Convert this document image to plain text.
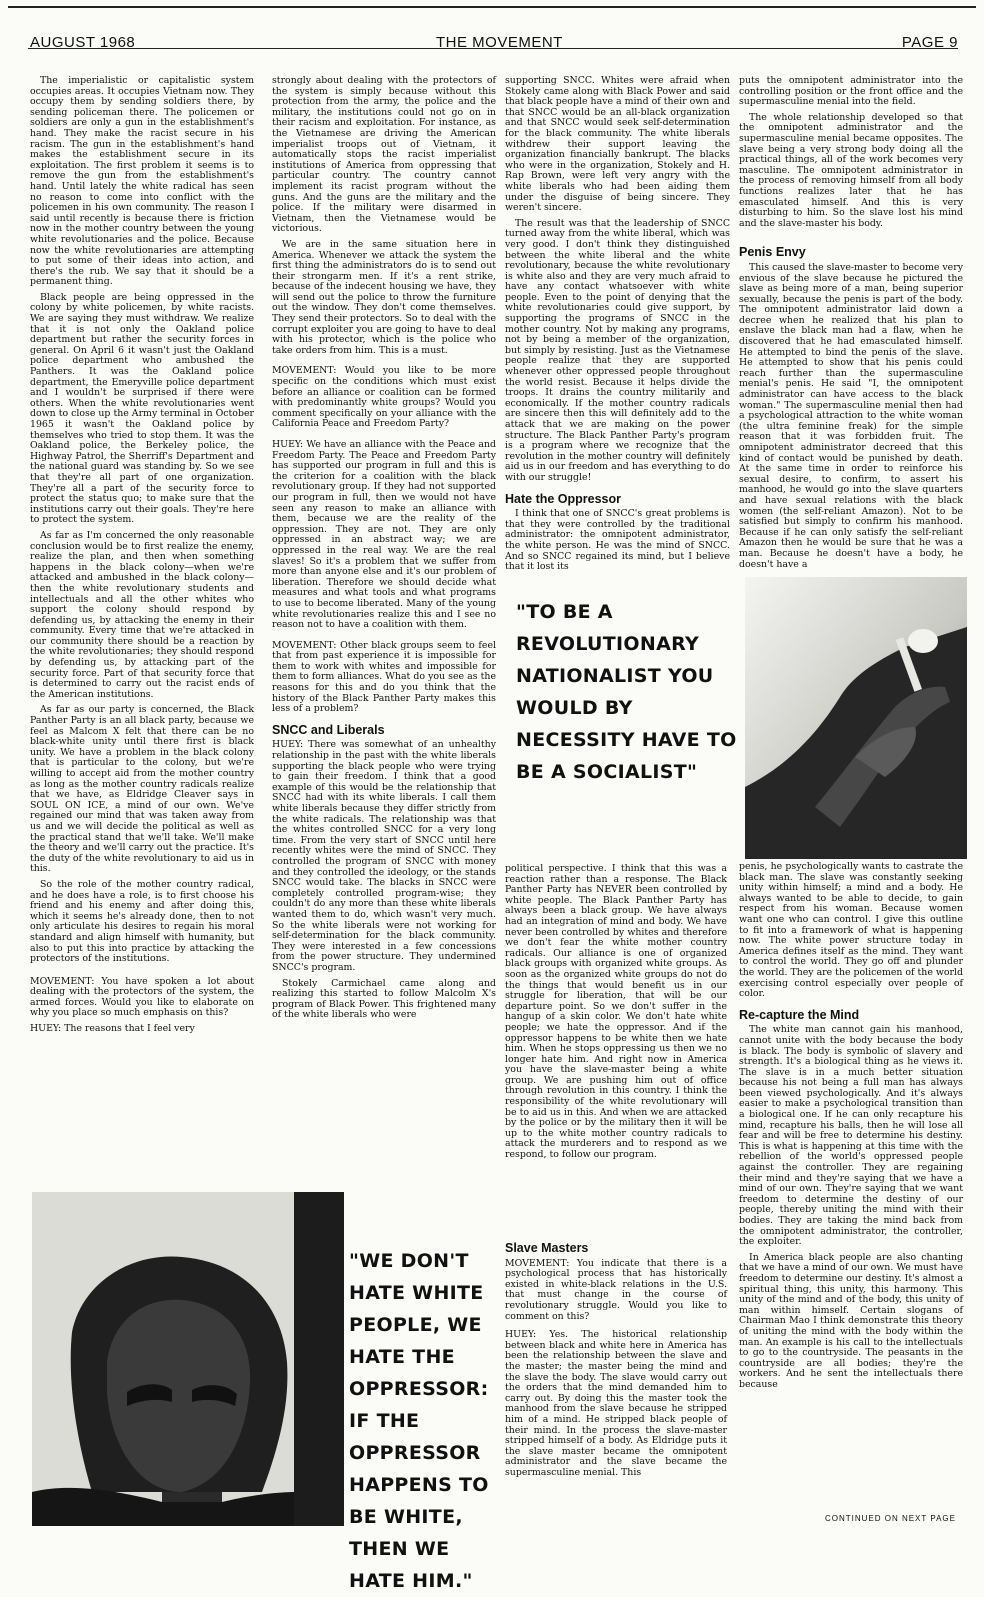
AUGUST 1968	THE MOVEMENT	PAGE 9

The imperialistic or capitalistic system occupies areas. It occupies Vietnam now. They occupy them by sending soldiers there, by sending policeman there. The policemen or soldiers are only a gun in the establishment's hand. They make the racist secure in his racism. The gun in the establishment's hand makes the establishment secure in its exploitation. The first problem it seems is to remove the gun from the establishment's hand. Until lately the white radical has seen no reason to come into conflict with the policemen in his own community. The reason I said until recently is because there is friction now in the mother country between the young white revolutionaries and the police. Because now the white revolutionaries are attempting to put some of their ideas into action, and there's the rub. We say that it should be a permanent thing.

Black people are being oppressed in the colony by white policemen, by white racists. We are saying they must withdraw. We realize that it is not only the Oakland police department but rather the security forces in general. On April 6 it wasn't just the Oakland police department who ambushed the Panthers. It was the Oakland police department, the Emeryville police department and I wouldn't be surprised if there were others. When the white revolutionaries went down to close up the Army terminal in October 1965 it wasn't the Oakland police by themselves who tried to stop them. It was the Oakland police, the Berkeley police, the Highway Patrol, the Sherriff's Department and the national guard was standing by. So we see that they're all part of one organization. They're all a part of the security force to protect the status quo; to make sure that the institutions carry out their goals. They're here to protect the system.

As far as I'm concerned the only reasonable conclusion would be to first realize the enemy, realize the plan, and then when something happens in the black colony—when we're attacked and ambushed in the black colony—then the white revolutionary students and intellectuals and all the other whites who support the colony should respond by defending us, by attacking the enemy in their community. Every time that we're attacked in our community there should be a reaction by the white revolutionaries; they should respond by defending us, by attacking part of the security force. Part of that security force that is determined to carry out the racist ends of the American institutions.

As far as our party is concerned, the Black Panther Party is an all black party, because we feel as Malcom X felt that there can be no black-white unity until there first is black unity. We have a problem in the black colony that is particular to the colony, but we're willing to accept aid from the mother country as long as the mother country radicals realize that we have, as Eldridge Cleaver says in SOUL ON ICE, a mind of our own. We've regained our mind that was taken away from us and we will decide the political as well as the practical stand that we'll take. We'll make the theory and we'll carry out the practice. It's the duty of the white revolutionary to aid us in this.

So the role of the mother country radical, and he does have a role, is to first choose his friend and his enemy and after doing this, which it seems he's already done, then to not only articulate his desires to regain his moral standard and align himself with humanity, but also to put this into practice by attacking the protectors of the institutions.

MOVEMENT: You have spoken a lot about dealing with the protectors of the system, the armed forces. Would you like to elaborate on why you place so much emphasis on this?

HUEY: The reasons that I feel very

strongly about dealing with the protectors of the system is simply because without this protection from the army, the police and the military, the institutions could not go on in their racism and exploitation. For instance, as the Vietnamese are driving the American imperialist troops out of Vietnam, it automatically stops the racist imperialist institutions of America from oppressing that particular country. The country cannot implement its racist program without the guns. And the guns are the military and the police. If the military were disarmed in Vietnam, then the Vietnamese would be victorious.

We are in the same situation here in America. Whenever we attack the system the first thing the administrators do is to send out their strongarm men. If it's a rent strike, because of the indecent housing we have, they will send out the police to throw the furniture out the window. They don't come themselves. They send their protectors. So to deal with the corrupt exploiter you are going to have to deal with his protector, which is the police who take orders from him. This is a must.

MOVEMENT: Would you like to be more specific on the conditions which must exist before an alliance or coalition can be formed with predominantly white groups? Would you comment specifically on your alliance with the California Peace and Freedom Party?

HUEY: We have an alliance with the Peace and Freedom Party. The Peace and Freedom Party has supported our program in full and this is the criterion for a coalition with the black revolutionary group. If they had not supported our program in full, then we would not have seen any reason to make an alliance with them, because we are the reality of the oppression. They are not. They are only oppressed in an abstract way; we are oppressed in the real way. We are the real slaves! So it's a problem that we suffer from more than anyone else and it's our problem of liberation. Therefore we should decide what measures and what tools and what programs to use to become liberated. Many of the young white revolutionaries realize this and I see no reason not to have a coalition with them.

MOVEMENT: Other black groups seem to feel that from past experience it is impossible for them to work with whites and impossible for them to form alliances. What do you see as the reasons for this and do you think that the history of the Black Panther Party makes this less of a problem?

SNCC and Liberals

HUEY: There was somewhat of an unhealthy relationship in the past with the white liberals supporting the black people who were trying to gain their freedom. I think that a good example of this would be the relationship that SNCC had with its white liberals. I call them white liberals because they differ strictly from the white radicals. The relationship was that the whites controlled SNCC for a very long time. From the very start of SNCC until here recently whites were the mind of SNCC. They controlled the program of SNCC with money and they controlled the ideology, or the stands SNCC would take. The blacks in SNCC were completely controlled program-wise; they couldn't do any more than these white liberals wanted them to do, which wasn't very much. So the white liberals were not working for self-determination for the black community. They were interested in a few concessions from the power structure. They undermined SNCC's program.

Stokely Carmichael came along and realizing this started to follow Malcolm X's program of Black Power. This frightened many of the white liberals who were

supporting SNCC. Whites were afraid when Stokely came along with Black Power and said that black people have a mind of their own and that SNCC would be an all-black organization and that SNCC would seek self-determination for the black community. The white liberals withdrew their support leaving the organization financially bankrupt. The blacks who were in the organization, Stokely and H. Rap Brown, were left very angry with the white liberals who had been aiding them under the disguise of being sincere. They weren't sincere.

The result was that the leadership of SNCC turned away from the white liberal, which was very good. I don't think they distinguished between the white liberal and the white revolutionary, because the white revolutionary is white also and they are very much afraid to have any contact whatsoever with white people. Even to the point of denying that the white revolutionaries could give support, by supporting the programs of SNCC in the mother country. Not by making any programs, not by being a member of the organization, but simply by resisting. Just as the Vietnamese people realize that they are supported whenever other oppressed people throughout the world resist. Because it helps divide the troops. It drains the country militarily and economically. If the mother country radicals are sincere then this will definitely add to the attack that we are making on the power structure. The Black Panther Party's program is a program where we recognize that the revolution in the mother country will definitely aid us in our freedom and has everything to do with our struggle!

Hate the Oppressor

I think that one of SNCC's great problems is that they were controlled by the traditional administrator: the omnipotent administrator, the white person. He was the mind of SNCC. And so SNCC regained its mind, but I believe that it lost its

puts the omnipotent administrator into the controlling position or the front office and the supermasculine menial into the field.

The whole relationship developed so that the omnipotent administrator and the supermasculine menial became opposites. The slave being a very strong body doing all the practical things, all of the work becomes very masculine. The omnipotent administrator in the process of removing himself from all body functions realizes later that he has emasculated himself. And this is very disturbing to him. So the slave lost his mind and the slave-master his body.

Penis Envy

This caused the slave-master to become very envious of the slave because he pictured the slave as being more of a man, being superior sexually, because the penis is part of the body. The omnipotent administrator laid down a decree when he realized that his plan to enslave the black man had a flaw, when he discovered that he had emasculated himself. He attempted to bind the penis of the slave. He attempted to show that his penis could reach further than the supermasculine menial's penis. He said "I, the omnipotent administrator can have access to the black woman." The supermasculine menial then had a psychological attraction to the white woman (the ultra feminine freak) for the simple reason that it was forbidden fruit. The omnipotent administrator decreed that this kind of contact would be punished by death. At the same time in order to reinforce his sexual desire, to confirm, to assert his manhood, he would go into the slave quarters and have sexual relations with the black women (the self-reliant Amazon). Not to be satisfied but simply to confirm his manhood. Because if he can only satisfy the self-reliant Amazon then he would be sure that he was a man. Because he doesn't have a body, he doesn't have a

"TO BE A REVOLUTIONARY NATIONALIST YOU WOULD BY NECESSITY HAVE TO BE A SOCIALIST"

political perspective. I think that this was a reaction rather than a response. The Black Panther Party has NEVER been controlled by white people. The Black Panther Party has always been a black group. We have always had an integration of mind and body. We have never been controlled by whites and therefore we don't fear the white mother country radicals. Our alliance is one of organized black groups with organized white groups. As soon as the organized white groups do not do the things that would benefit us in our struggle for liberation, that will be our departure point. So we don't suffer in the hangup of a skin color. We don't hate white people; we hate the oppressor. And if the oppressor happens to be white then we hate him. When he stops oppressing us then we no longer hate him. And right now in America you have the slave-master being a white group. We are pushing him out of office through revolution in this country. I think the responsibility of the white revolutionary will be to aid us in this. And when we are attacked by the police or by the military then it will be up to the white mother country radicals to attack the murderers and to respond as we respond, to follow our program.

Slave Masters

MOVEMENT: You indicate that there is a psychological process that has historically existed in white-black relations in the U.S. that must change in the course of revolutionary struggle. Would you like to comment on this?

HUEY: Yes. The historical relationship between black and white here in America has been the relationship between the slave and the master; the master being the mind and the slave the body. The slave would carry out the orders that the mind demanded him to carry out. By doing this the master took the manhood from the slave because he stripped him of a mind. He stripped black people of their mind. In the process the slave-master stripped himself of a body. As Eldridge puts it the slave master became the omnipotent administrator and the slave became the supermasculine menial. This

penis, he psychologically wants to castrate the black man. The slave was constantly seeking unity within himself; a mind and a body. He always wanted to be able to decide, to gain respect from his woman. Because women want one who can control. I give this outline to fit into a framework of what is happening now. The white power structure today in America defines itself as the mind. They want to control the world. They go off and plunder the world. They are the policemen of the world exercising control especially over people of color.

Re-capture the Mind

The white man cannot gain his manhood, cannot unite with the body because the body is black. The body is symbolic of slavery and strength. It's a biological thing as he views it. The slave is in a much better situation because his not being a full man has always been viewed psychologically. And it's always easier to make a psychological transition than a biological one. If he can only recapture his mind, recapture his balls, then he will lose all fear and will be free to determine his destiny. This is what is happening at this time with the rebellion of the world's oppressed people against the controller. They are regaining their mind and they're saying that we have a mind of our own. They're saying that we want freedom to determine the destiny of our people, thereby uniting the mind with their bodies. They are taking the mind back from the omnipotent administrator, the controller, the exploiter.

In America black people are also chanting that we have a mind of our own. We must have freedom to determine our destiny. It's almost a spiritual thing, this unity, this harmony. This unity of the mind and of the body, this unity of man within himself. Certain slogans of Chairman Mao I think demonstrate this theory of uniting the mind with the body within the man. An example is his call to the intellectuals to go to the countryside. The peasants in the countryside are all bodies; they're the workers. And he sent the intellectuals there because

CONTINUED ON NEXT PAGE
"WE DON'T HATE WHITE PEOPLE, WE HATE THE OPPRESSOR: IF THE OPPRESSOR HAPPENS TO BE WHITE, THEN WE HATE HIM."
